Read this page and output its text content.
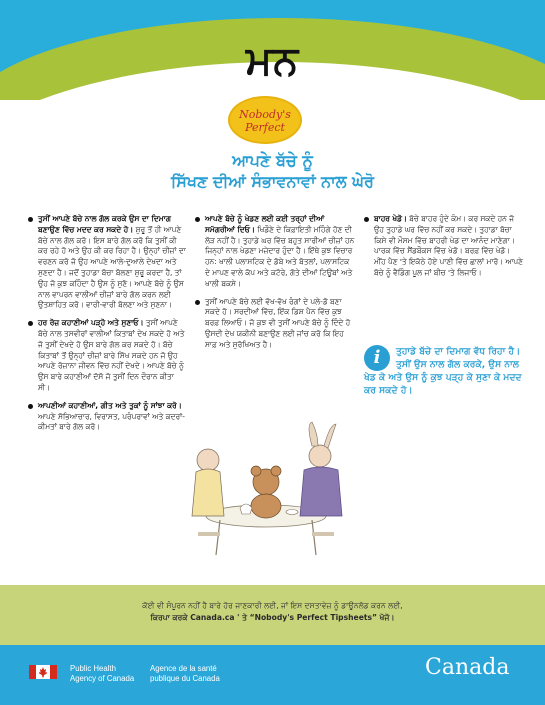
ਮਨ
Nobody's
Perfect
ਆਪਣੇ ਬੱਚੇ ਨੂੰ
ਸਿੱਖਣ ਦੀਆਂ ਸੰਭਾਵਨਾਵਾਂ ਨਾਲ ਘੇਰੋ

ਤੁਸੀਂ ਆਪਣੇ ਬੱਚੇ ਨਾਲ ਗੱਲ ਕਰਕੇ ਉਸ ਦਾ ਦਿਮਾਗ ਬਣਾਉਣ ਵਿੱਚ ਮਦਦ ਕਰ ਸਕਦੇ ਹੋ। ਸ਼ੁਰੂ ਤੋਂ ਹੀ ਆਪਣੇ ਬੱਚੇ ਨਾਲ ਗੱਲ ਕਰੋ। ਇਸ ਬਾਰੇ ਗੱਲ ਕਰੋ ਕਿ ਤੁਸੀਂ ਕੀ ਕਰ ਰਹੇ ਹੋ ਅਤੇ ਉਹ ਕੀ ਕਰ ਰਿਹਾ ਹੈ। ਉਨ੍ਹਾਂ ਚੀਜ਼ਾਂ ਦਾ ਵਰਣਨ ਕਰੋ ਜੋ ਉਹ ਆਪਣੇ ਆਲੇ-ਦੁਆਲੇ ਦੇਖਦਾ ਅਤੇ ਸੁਣਦਾ ਹੈ। ਜਦੋਂ ਤੁਹਾਡਾ ਬੱਚਾ ਬੋਲਣਾ ਸ਼ੁਰੂ ਕਰਦਾ ਹੈ, ਤਾਂ ਉਹ ਜੋ ਕੁਝ ਕਹਿੰਦਾ ਹੈ ਉਸ ਨੂੰ ਸੁਣੋ। ਆਪਣੇ ਬੱਚੇ ਨੂੰ ਉਸ ਨਾਲ ਵਾਪਰਨ ਵਾਲੀਆਂ ਚੀਜ਼ਾਂ ਬਾਰੇ ਗੱਲ ਕਰਨ ਲਈ ਉਤਸ਼ਾਹਿਤ ਕਰੋ। ਵਾਰੀ-ਵਾਰੀ ਬੋਲਣਾ ਅਤੇ ਸੁਣਨਾ।

ਹਰ ਰੋਜ਼ ਕਹਾਣੀਆਂ ਪੜ੍ਹੋ ਅਤੇ ਸੁਣਾਓ। ਤੁਸੀਂ ਆਪਣੇ ਬੱਚੇ ਨਾਲ ਤਸਵੀਰਾਂ ਵਾਲੀਆਂ ਕਿਤਾਬਾਂ ਦੇਖ ਸਕਦੇ ਹੋ ਅਤੇ ਜੋ ਤੁਸੀਂ ਦੇਖਦੇ ਹੋ ਉਸ ਬਾਰੇ ਗੱਲ ਕਰ ਸਕਦੇ ਹੋ। ਬੱਚੇ ਕਿਤਾਬਾਂ ਤੋਂ ਉਨ੍ਹਾਂ ਚੀਜ਼ਾਂ ਬਾਰੇ ਸਿੱਖ ਸਕਦੇ ਹਨ ਜੋ ਉਹ ਆਪਣੇ ਰੋਜ਼ਾਨਾ ਜੀਵਨ ਵਿੱਚ ਨਹੀਂ ਦੇਖਦੇ। ਆਪਣੇ ਬੱਚੇ ਨੂੰ ਉਸ ਬਾਰੇ ਕਹਾਣੀਆਂ ਦੱਸੋ ਜੋ ਤੁਸੀਂ ਦਿਨ ਦੌਰਾਨ ਕੀਤਾ ਸੀ।

ਆਪਣੀਆਂ ਕਹਾਣੀਆਂ, ਗੀਤ ਅਤੇ ਤੁਕਾਂ ਨੂੰ ਸਾਂਝਾ ਕਰੋ। ਆਪਣੇ ਸੱਭਿਆਚਾਰ, ਵਿਰਾਸਤ, ਪਰੰਪਰਾਵਾਂ ਅਤੇ ਕਦਰਾਂ-ਕੀਮਤਾਂ ਬਾਰੇ ਗੱਲ ਕਰੋ।

ਆਪਣੇ ਬੱਚੇ ਨੂੰ ਖੇਡਣ ਲਈ ਕਈ ਤਰ੍ਹਾਂ ਦੀਆਂ ਸਮੱਗਰੀਆਂ ਦਿਓ। ਖਿਡੌਣੇ ਦੇ ਕਿਫ਼ਾਇਤੀ ਮਹਿੰਗੇ ਹੋਣ ਦੀ ਲੋੜ ਨਹੀਂ ਹੈ। ਤੁਹਾਡੇ ਘਰ ਵਿੱਚ ਬਹੁਤ ਸਾਰੀਆਂ ਚੀਜ਼ਾਂ ਹਨ ਜਿਨ੍ਹਾਂ ਨਾਲ ਖੇਡਣਾ ਮਜ਼ੇਦਾਰ ਹੁੰਦਾ ਹੈ। ਇੱਥੇ ਕੁਝ ਵਿਚਾਰ ਹਨ: ਖਾਲੀ ਪਲਾਸਟਿਕ ਦੇ ਡੱਬੇ ਅਤੇ ਬੋਤਲਾਂ, ਪਲਾਸਟਿਕ ਦੇ ਮਾਪਣ ਵਾਲੇ ਕੱਪ ਅਤੇ ਕਟੋਰੇ, ਗੱਤੇ ਦੀਆਂ ਟਿਊਬਾਂ ਅਤੇ ਖਾਲੀ ਬਕਸੇ।

ਤੁਸੀਂ ਆਪਣੇ ਬੱਚੇ ਲਈ ਵੱਖ-ਵੱਖ ਰੰਗਾਂ ਦੇ ਪਲੇ-ਡੋ ਬਣਾ ਸਕਦੇ ਹੋ। ਸਰਦੀਆਂ ਵਿੱਚ, ਇੱਕ ਡਿਸ਼ ਪੈਨ ਵਿੱਚ ਕੁਝ ਬਰਫ਼ ਲਿਆਓ। ਜੋ ਕੁਝ ਵੀ ਤੁਸੀਂ ਆਪਣੇ ਬੱਚੇ ਨੂੰ ਦਿੰਦੇ ਹੋ ਉਸਦੀ ਦੇਖ ਯਕੀਨੀ ਬਣਾਉਣ ਲਈ ਜਾਂਚ ਕਰੋ ਕਿ ਇਹ ਸਾਫ਼ ਅਤੇ ਸੁਰੱਖਿਅਤ ਹੈ।

ਬਾਹਰ ਖੇਡੋ। ਬੱਚੇ ਬਾਹਰ ਹੁੰਦੇ ਕੰਮ। ਕਰ ਸਕਦੇ ਹਨ ਜੋ ਉਹ ਤੁਹਾਡੇ ਘਰ ਵਿੱਚ ਨਹੀਂ ਕਰ ਸਕਦੇ। ਤੁਹਾਡਾ ਬੱਚਾ ਕਿਸੇ ਵੀ ਮੌਸਮ ਵਿੱਚ ਬਾਹਰੀ ਖੇਡ ਦਾ ਆਨੰਦ ਮਾਣੇਗਾ। ਪਾਰਕ ਵਿੱਚ ਸੈਂਡਬੌਕਸ ਵਿੱਚ ਖੇਡੋ। ਬਰਫ਼ ਵਿੱਚ ਖੇਡੋ। ਮੀਂਹ ਪੈਣ 'ਤੇ ਇਕੱਠੇ ਹੋਏ ਪਾਣੀ ਵਿੱਚ ਛਾਲਾਂ ਮਾਰੋ। ਆਪਣੇ ਬੱਚੇ ਨੂੰ ਵੈਡਿੰਗ ਪੂਲ ਜਾਂ ਬੀਚ 'ਤੇ ਲਿਜਾਓ।

i	ਤੁਹਾਡੇ ਬੱਚੇ ਦਾ ਦਿਮਾਗ ਵੱਧ ਰਿਹਾ ਹੈ। ਤੁਸੀਂ ਉਸ ਨਾਲ ਗੱਲ ਕਰਕੇ, ਉਸ ਨਾਲ ਖੇਡ ਕੇ ਅਤੇ ਉਸ ਨੂੰ ਕੁਝ ਪੜ੍ਹ ਕੇ ਸੁਣਾ ਕੇ ਮਦਦ ਕਰ ਸਕਦੇ ਹੋ।
ਕੋਈ ਵੀ ਸੰਪੂਰਨ ਨਹੀਂ ਹੈ ਬਾਰੇ ਹੋਰ ਜਾਣਕਾਰੀ ਲਈ, ਜਾਂ ਇਸ ਦਸਤਾਵੇਜ਼ ਨੂੰ ਡਾਊਨਲੋਡ ਕਰਨ ਲਈ,
ਕਿਰਪਾ ਕਰਕੇ Canada.ca ' ਤੇ “Nobody's Perfect Tipsheets” ਖੋਜੋ।
Public Health
Agency of Canada
Agence de la santé
publique du Canada	Canada
